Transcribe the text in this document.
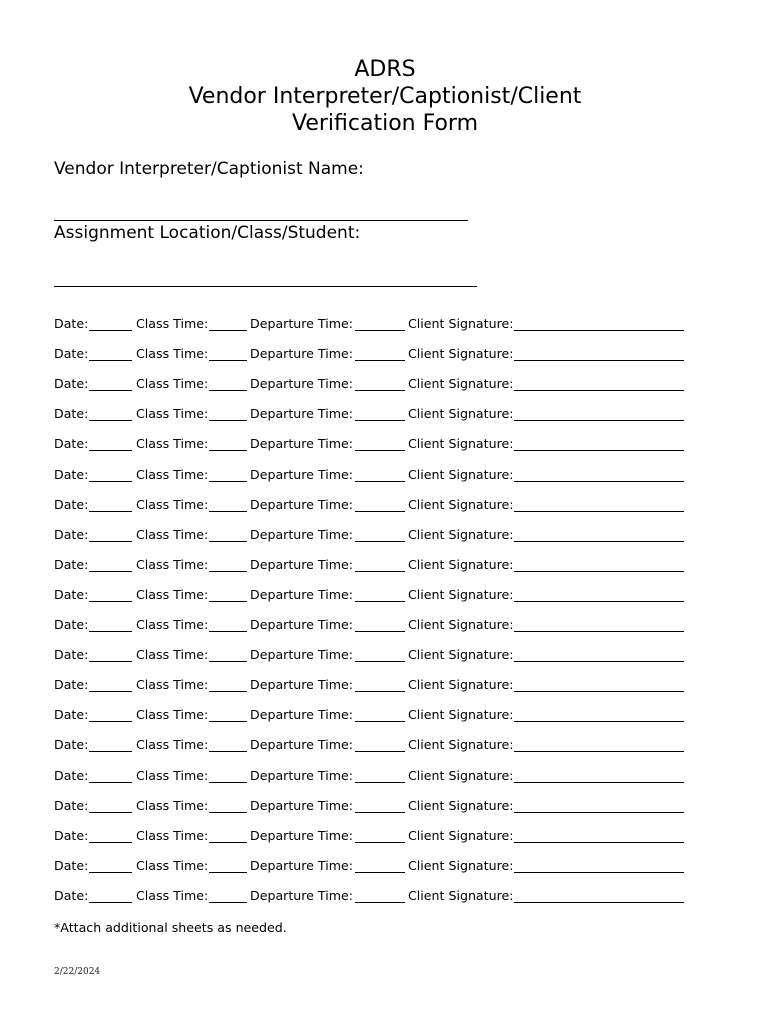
ADRS
Vendor Interpreter/Captionist/Client
Verification Form
Vendor Interpreter/Captionist Name:
Assignment Location/Class/Student:
Date:	Class Time:	Departure Time:	Client Signature:
Date:	Class Time:	Departure Time:	Client Signature:
Date:	Class Time:	Departure Time:	Client Signature:
Date:	Class Time:	Departure Time:	Client Signature:
Date:	Class Time:	Departure Time:	Client Signature:
Date:	Class Time:	Departure Time:	Client Signature:
Date:	Class Time:	Departure Time:	Client Signature:
Date:	Class Time:	Departure Time:	Client Signature:
Date:	Class Time:	Departure Time:	Client Signature:
Date:	Class Time:	Departure Time:	Client Signature:
Date:	Class Time:	Departure Time:	Client Signature:
Date:	Class Time:	Departure Time:	Client Signature:
Date:	Class Time:	Departure Time:	Client Signature:
Date:	Class Time:	Departure Time:	Client Signature:
Date:	Class Time:	Departure Time:	Client Signature:
Date:	Class Time:	Departure Time:	Client Signature:
Date:	Class Time:	Departure Time:	Client Signature:
Date:	Class Time:	Departure Time:	Client Signature:
Date:	Class Time:	Departure Time:	Client Signature:
Date:	Class Time:	Departure Time:	Client Signature:
*Attach additional sheets as needed.
2/22/2024
